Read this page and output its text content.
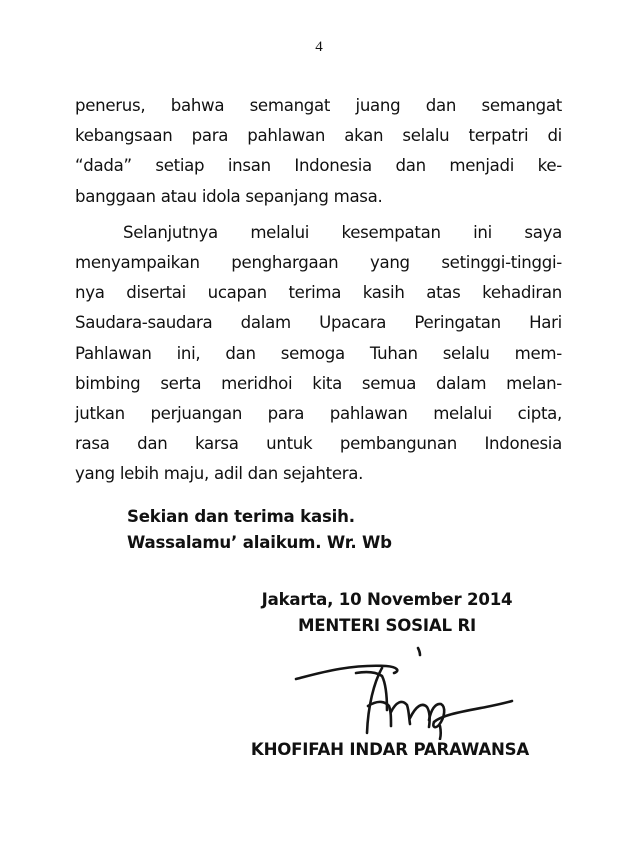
4

penerus, bahwa semangat juang dan semangat

kebangsaan para pahlawan akan selalu terpatri di

“dada” setiap insan Indonesia dan menjadi ke-

banggaan atau idola sepanjang masa.

Selanjutnya melalui kesempatan ini saya

menyampaikan penghargaan yang setinggi-tinggi-

nya disertai ucapan terima kasih atas kehadiran

Saudara-saudara dalam Upacara Peringatan Hari

Pahlawan ini, dan semoga Tuhan selalu mem-

bimbing serta meridhoi kita semua dalam melan-

jutkan perjuangan para pahlawan melalui cipta,

rasa dan karsa untuk pembangunan Indonesia

yang lebih maju, adil dan sejahtera.

Sekian dan terima kasih.
Wassalamu’ alaikum. Wr. Wb
Jakarta, 10 November 2014
MENTERI SOSIAL RI
KHOFIFAH INDAR PARAWANSA
